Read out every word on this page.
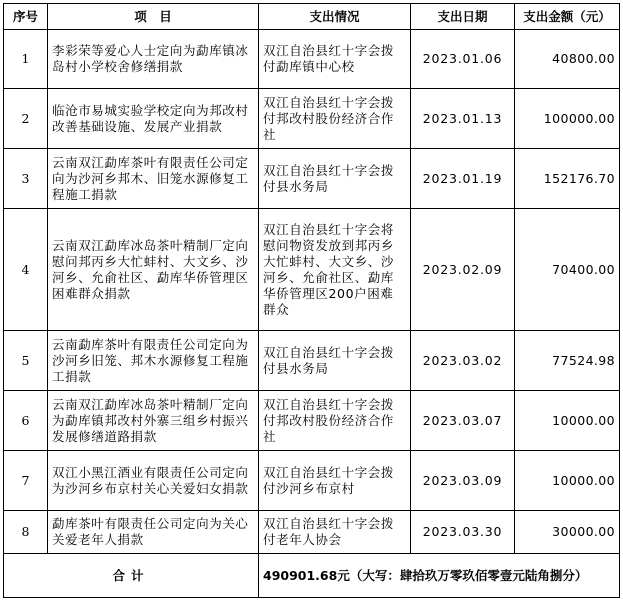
序号	项　目	支出情况	支出日期	支出金额（元）
1	李彩荣等爱心人士定向为勐库镇冰岛村小学校舍修缮捐款	双江自治县红十字会拨付勐库镇中心校	2023.01.06	40800.00
2	临沧市易城实验学校定向为邦改村改善基础设施、发展产业捐款	双江自治县红十字会拨付邦改村股份经济合作社	2023.01.13	100000.00
3	云南双江勐库茶叶有限责任公司定向为沙河乡邦木、旧笼水源修复工程施工捐款	双江自治县红十字会拨付县水务局	2023.01.19	152176.70
4	云南双江勐库冰岛茶叶精制厂定向慰问邦丙乡大忙蚌村、大文乡、沙河乡、允俞社区、勐库华侨管理区困难群众捐款	双江自治县红十字会将慰问物资发放到邦丙乡大忙蚌村、大文乡、沙河乡、允俞社区、勐库华侨管理区200户困难群众	2023.02.09	70400.00
5	云南勐库茶叶有限责任公司定向为沙河乡旧笼、邦木水源修复工程施工捐款	双江自治县红十字会拨付县水务局	2023.03.02	77524.98
6	云南双江勐库冰岛茶叶精制厂定向为勐库镇邦改村外寨三组乡村振兴发展修缮道路捐款	双江自治县红十字会拨付邦改村股份经济合作社	2023.03.07	10000.00
7	双江小黑江酒业有限责任公司定向为沙河乡布京村关心关爱妇女捐款	双江自治县红十字会拨付沙河乡布京村	2023.03.09	10000.00
8	勐库茶叶有限责任公司定向为关心关爱老年人捐款	双江自治县红十字会拨付老年人协会	2023.03.30	30000.00
合计		490901.68元（大写：肆拾玖万零玖佰零壹元陆角捌分）		
